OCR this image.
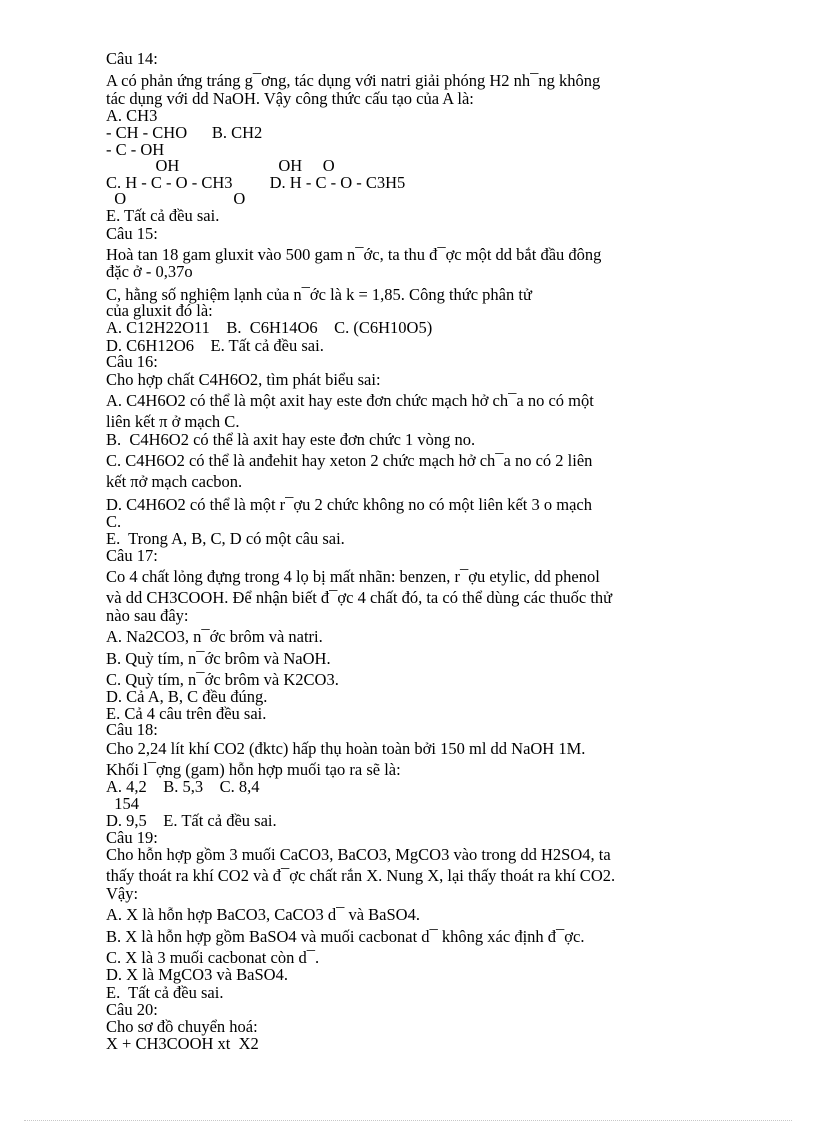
Câu 14:
A có phản ứng tráng g¯ơng, tác dụng với natri giải phóng H2 nh¯ng không
tác dụng với dd NaOH. Vậy công thức cấu tạo của A là:
A. CH3
- CH - CHO      B. CH2
- C - OH
OH                        OH     O
C. H - C - O - CH3         D. H - C - O - C3H5
O                          O
E. Tất cả đều sai.
Câu 15:
Hoà tan 18 gam gluxit vào 500 gam n¯ớc, ta thu đ¯ợc một dd bắt đầu đông
đặc ở - 0,37o
C, hằng số nghiệm lạnh của n¯ớc là k = 1,85. Công thức phân tử
của gluxit đó là:
A. C12H22O11    B.  C6H14O6    C. (C6H10O5)
D. C6H12O6    E. Tất cả đều sai.
Câu 16:
Cho hợp chất C4H6O2, tìm phát biểu sai:
A. C4H6O2 có thể là một axit hay este đơn chức mạch hở ch¯a no có một
liên kết π ở mạch C.
B.  C4H6O2 có thể là axit hay este đơn chức 1 vòng no.
C. C4H6O2 có thể là anđehit hay xeton 2 chức mạch hở ch¯a no có 2 liên
kết πở mạch cacbon.
D. C4H6O2 có thể là một r¯ợu 2 chức không no có một liên kết 3 o mạch
C.
E.  Trong A, B, C, D có một câu sai.
Câu 17:
Co 4 chất lỏng đựng trong 4 lọ bị mất nhãn: benzen, r¯ợu etylic, dd phenol
và dd CH3COOH. Để nhận biết đ¯ợc 4 chất đó, ta có thể dùng các thuốc thử
nào sau đây:
A. Na2CO3, n¯ớc brôm và natri.
B. Quỳ tím, n¯ớc brôm và NaOH.
C. Quỳ tím, n¯ớc brôm và K2CO3.
D. Cả A, B, C đều đúng.
E. Cả 4 câu trên đều sai.
Câu 18:
Cho 2,24 lít khí CO2 (đktc) hấp thụ hoàn toàn bởi 150 ml dd NaOH 1M.
Khối l¯ợng (gam) hỗn hợp muối tạo ra sẽ là:
A. 4,2    B. 5,3    C. 8,4
154
D. 9,5    E. Tất cả đều sai.
Câu 19:
Cho hỗn hợp gồm 3 muối CaCO3, BaCO3, MgCO3 vào trong dd H2SO4, ta
thấy thoát ra khí CO2 và đ¯ợc chất rắn X. Nung X, lại thấy thoát ra khí CO2.
Vậy:
A. X là hỗn hợp BaCO3, CaCO3 d¯ và BaSO4.
B. X là hỗn hợp gồm BaSO4 và muối cacbonat d¯ không xác định đ¯ợc.
C. X là 3 muối cacbonat còn d¯.
D. X là MgCO3 và BaSO4.
E.  Tất cả đều sai.
Câu 20:
Cho sơ đồ chuyển hoá:
X + CH3COOH xt  X2
